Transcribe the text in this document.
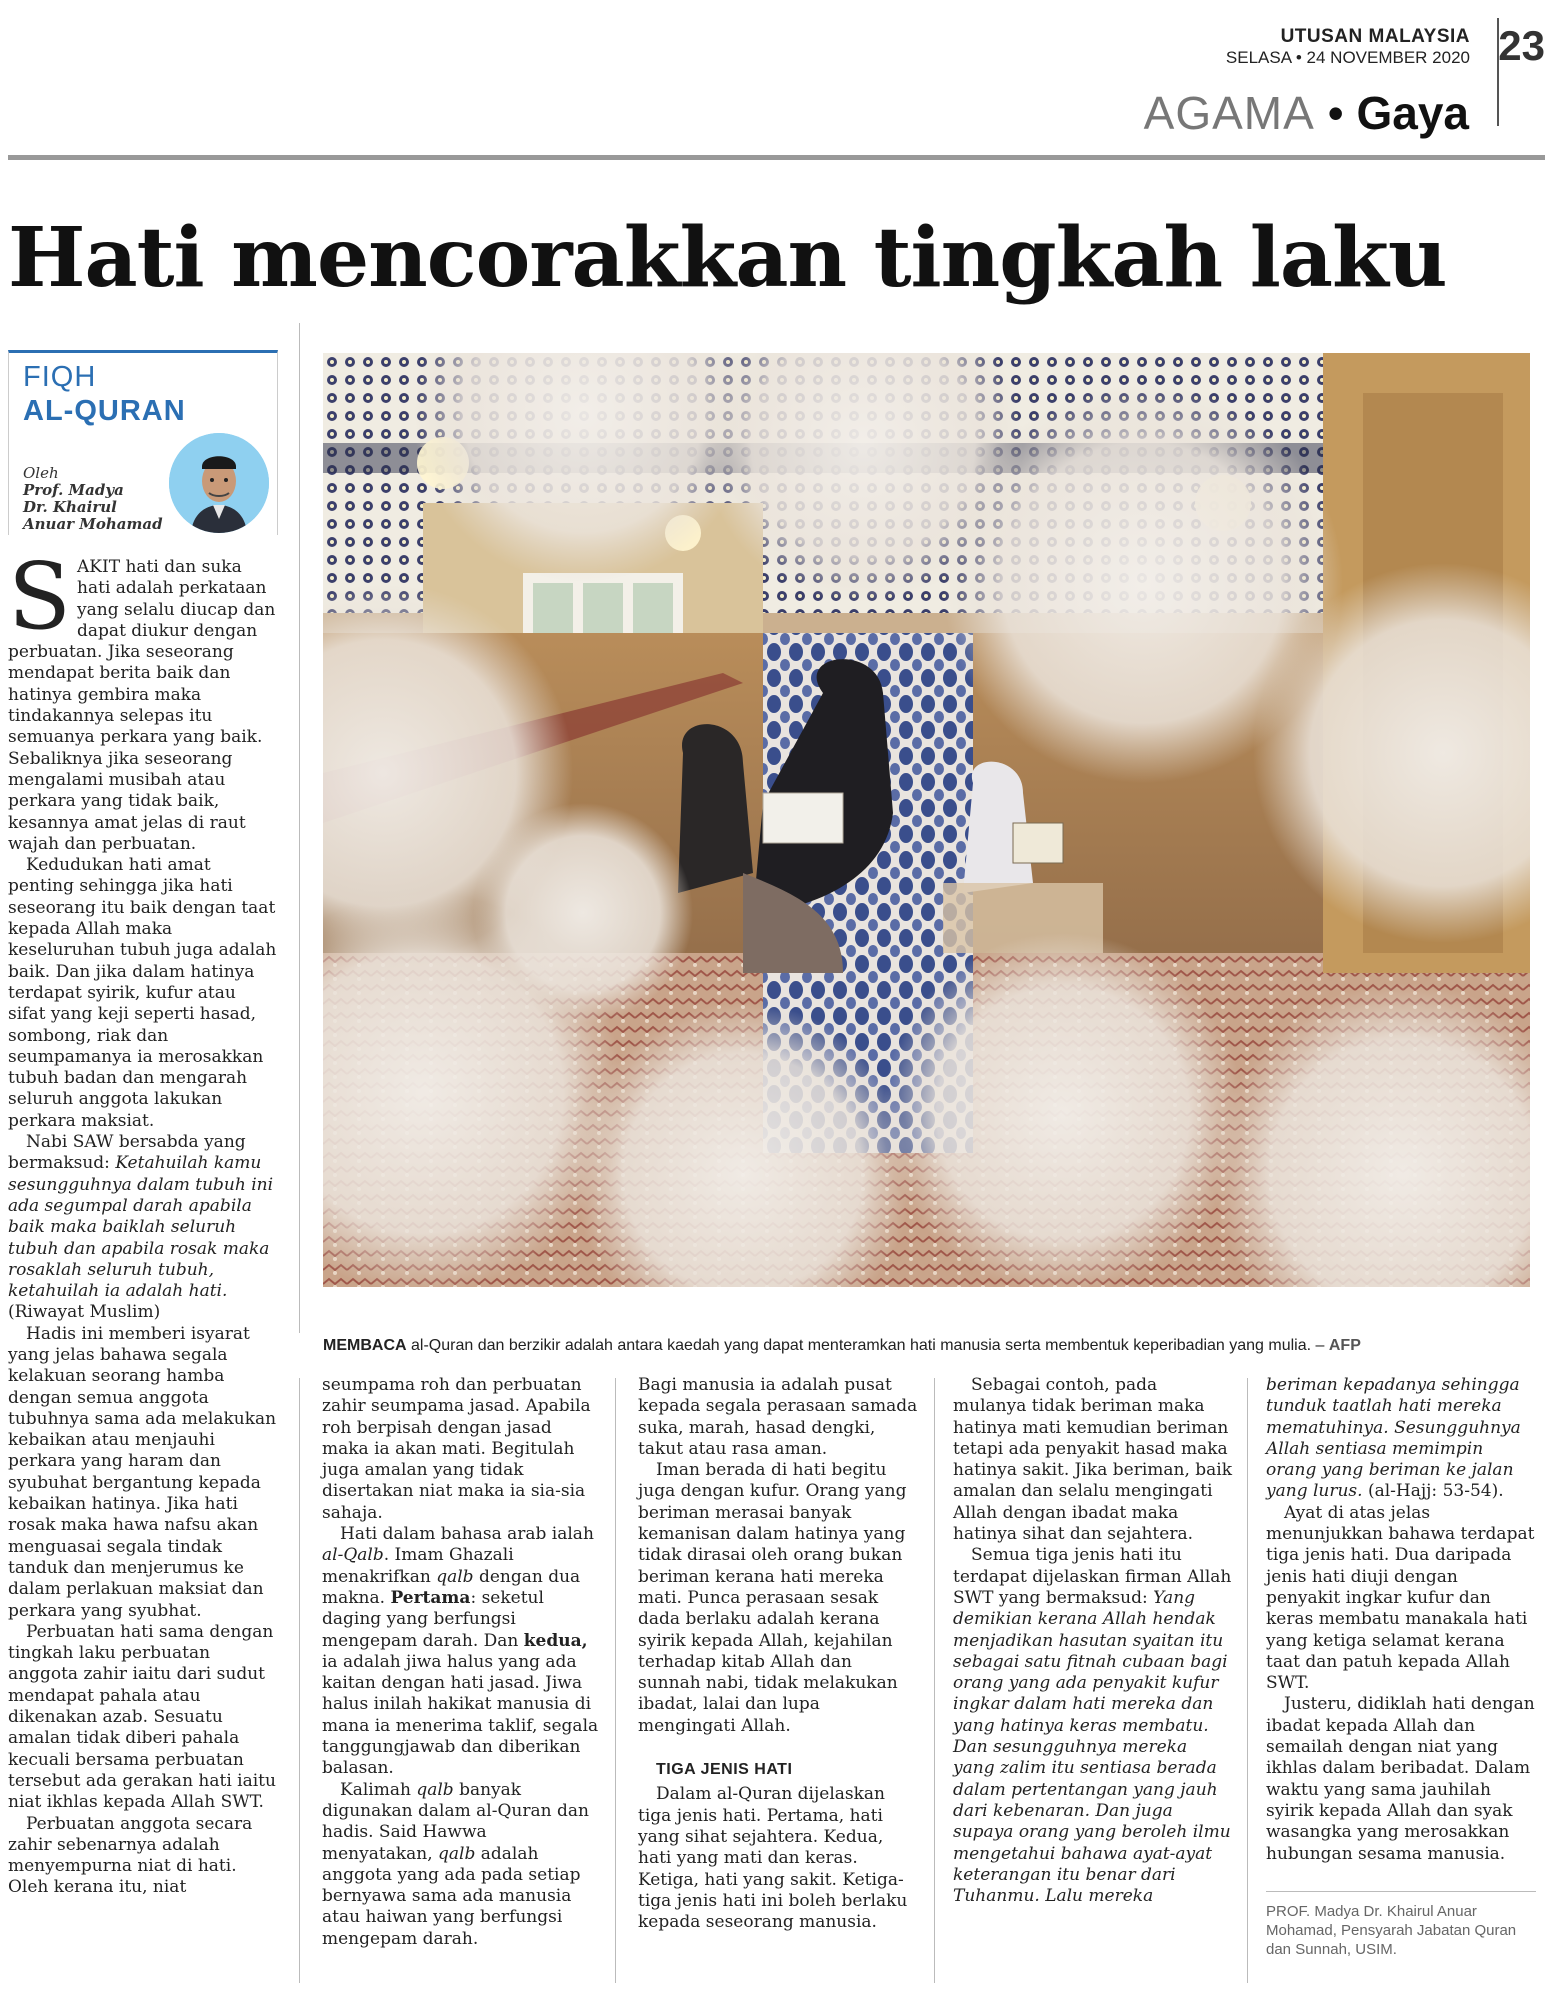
UTUSAN MALAYSIA
SELASA • 24 NOVEMBER 2020 23
AGAMA • Gaya
Hati mencorakkan tingkah laku
FIQH
AL-QURAN
Oleh
Prof. Madya
Dr. Khairul
Anuar Mohamad
MEMBACA al-Quran dan berzikir adalah antara kaedah yang dapat menteramkan hati manusia serta membentuk keperibadian yang mulia. – AFP

SAKIT hati dan suka hati adalah perkataan yang selalu diucap dan dapat diukur dengan perbuatan. Jika seseorang mendapat berita baik dan hatinya gembira maka tindakannya selepas itu semuanya perkara yang baik. Sebaliknya jika seseorang mengalami musibah atau perkara yang tidak baik, kesannya amat jelas di raut wajah dan perbuatan.

Kedudukan hati amat penting sehingga jika hati seseorang itu baik dengan taat kepada Allah maka keseluruhan tubuh juga adalah baik. Dan jika dalam hatinya terdapat syirik, kufur atau sifat yang keji seperti hasad, sombong, riak dan seumpamanya ia merosakkan tubuh badan dan mengarah seluruh anggota lakukan perkara maksiat.

Nabi SAW bersabda yang bermaksud: Ketahuilah kamu sesungguhnya dalam tubuh ini ada segumpal darah apabila baik maka baiklah seluruh tubuh dan apabila rosak maka rosaklah seluruh tubuh, ketahuilah ia adalah hati. (Riwayat Muslim)

Hadis ini memberi isyarat yang jelas bahawa segala kelakuan seorang hamba dengan semua anggota tubuhnya sama ada melakukan kebaikan atau menjauhi perkara yang haram dan syubuhat bergantung kepada kebaikan hatinya. Jika hati rosak maka hawa nafsu akan menguasai segala tindak tanduk dan menjerumus ke dalam perlakuan maksiat dan perkara yang syubhat.

Perbuatan hati sama dengan tingkah laku perbuatan anggota zahir iaitu dari sudut mendapat pahala atau dikenakan azab. Sesuatu amalan tidak diberi pahala kecuali bersama perbuatan tersebut ada gerakan hati iaitu niat ikhlas kepada Allah SWT.

Perbuatan anggota secara zahir sebenarnya adalah menyempurna niat di hati. Oleh kerana itu, niat

seumpama roh dan perbuatan zahir seumpama jasad. Apabila roh berpisah dengan jasad maka ia akan mati. Begitulah juga amalan yang tidak disertakan niat maka ia sia-sia sahaja.

Hati dalam bahasa arab ialah al-Qalb. Imam Ghazali menakrifkan qalb dengan dua makna. Pertama: seketul daging yang berfungsi mengepam darah. Dan kedua, ia adalah jiwa halus yang ada kaitan dengan hati jasad. Jiwa halus inilah hakikat manusia di mana ia menerima taklif, segala tanggungjawab dan diberikan balasan.

Kalimah qalb banyak digunakan dalam al-Quran dan hadis. Said Hawwa menyatakan, qalb adalah anggota yang ada pada setiap bernyawa sama ada manusia atau haiwan yang berfungsi mengepam darah.

Bagi manusia ia adalah pusat kepada segala perasaan samada suka, marah, hasad dengki, takut atau rasa aman.

Iman berada di hati begitu juga dengan kufur. Orang yang beriman merasai banyak kemanisan dalam hatinya yang tidak dirasai oleh orang bukan beriman kerana hati mereka mati. Punca perasaan sesak dada berlaku adalah kerana syirik kepada Allah, kejahilan terhadap kitab Allah dan sunnah nabi, tidak melakukan ibadat, lalai dan lupa mengingati Allah.

TIGA JENIS HATI

Dalam al-Quran dijelaskan tiga jenis hati. Pertama, hati yang sihat sejahtera. Kedua, hati yang mati dan keras. Ketiga, hati yang sakit. Ketiga-tiga jenis hati ini boleh berlaku kepada seseorang manusia.

Sebagai contoh, pada mulanya tidak beriman maka hatinya mati kemudian beriman tetapi ada penyakit hasad maka hatinya sakit. Jika beriman, baik amalan dan selalu mengingati Allah dengan ibadat maka hatinya sihat dan sejahtera.

Semua tiga jenis hati itu terdapat dijelaskan firman Allah SWT yang bermaksud: Yang demikian kerana Allah hendak menjadikan hasutan syaitan itu sebagai satu fitnah cubaan bagi orang yang ada penyakit kufur ingkar dalam hati mereka dan yang hatinya keras membatu. Dan sesungguhnya mereka yang zalim itu sentiasa berada dalam pertentangan yang jauh dari kebenaran. Dan juga supaya orang yang beroleh ilmu mengetahui bahawa ayat-ayat keterangan itu benar dari Tuhanmu. Lalu mereka

beriman kepadanya sehingga tunduk taatlah hati mereka mematuhinya. Sesungguhnya Allah sentiasa memimpin orang yang beriman ke jalan yang lurus. (al-Hajj: 53-54).

Ayat di atas jelas menunjukkan bahawa terdapat tiga jenis hati. Dua daripada jenis hati diuji dengan penyakit ingkar kufur dan keras membatu manakala hati yang ketiga selamat kerana taat dan patuh kepada Allah SWT.

Justeru, didiklah hati dengan ibadat kepada Allah dan semailah dengan niat yang ikhlas dalam beribadat. Dalam waktu yang sama jauhilah syirik kepada Allah dan syak wasangka yang merosakkan hubungan sesama manusia.

PROF. Madya Dr. Khairul Anuar Mohamad, Pensyarah Jabatan Quran dan Sunnah, USIM.
